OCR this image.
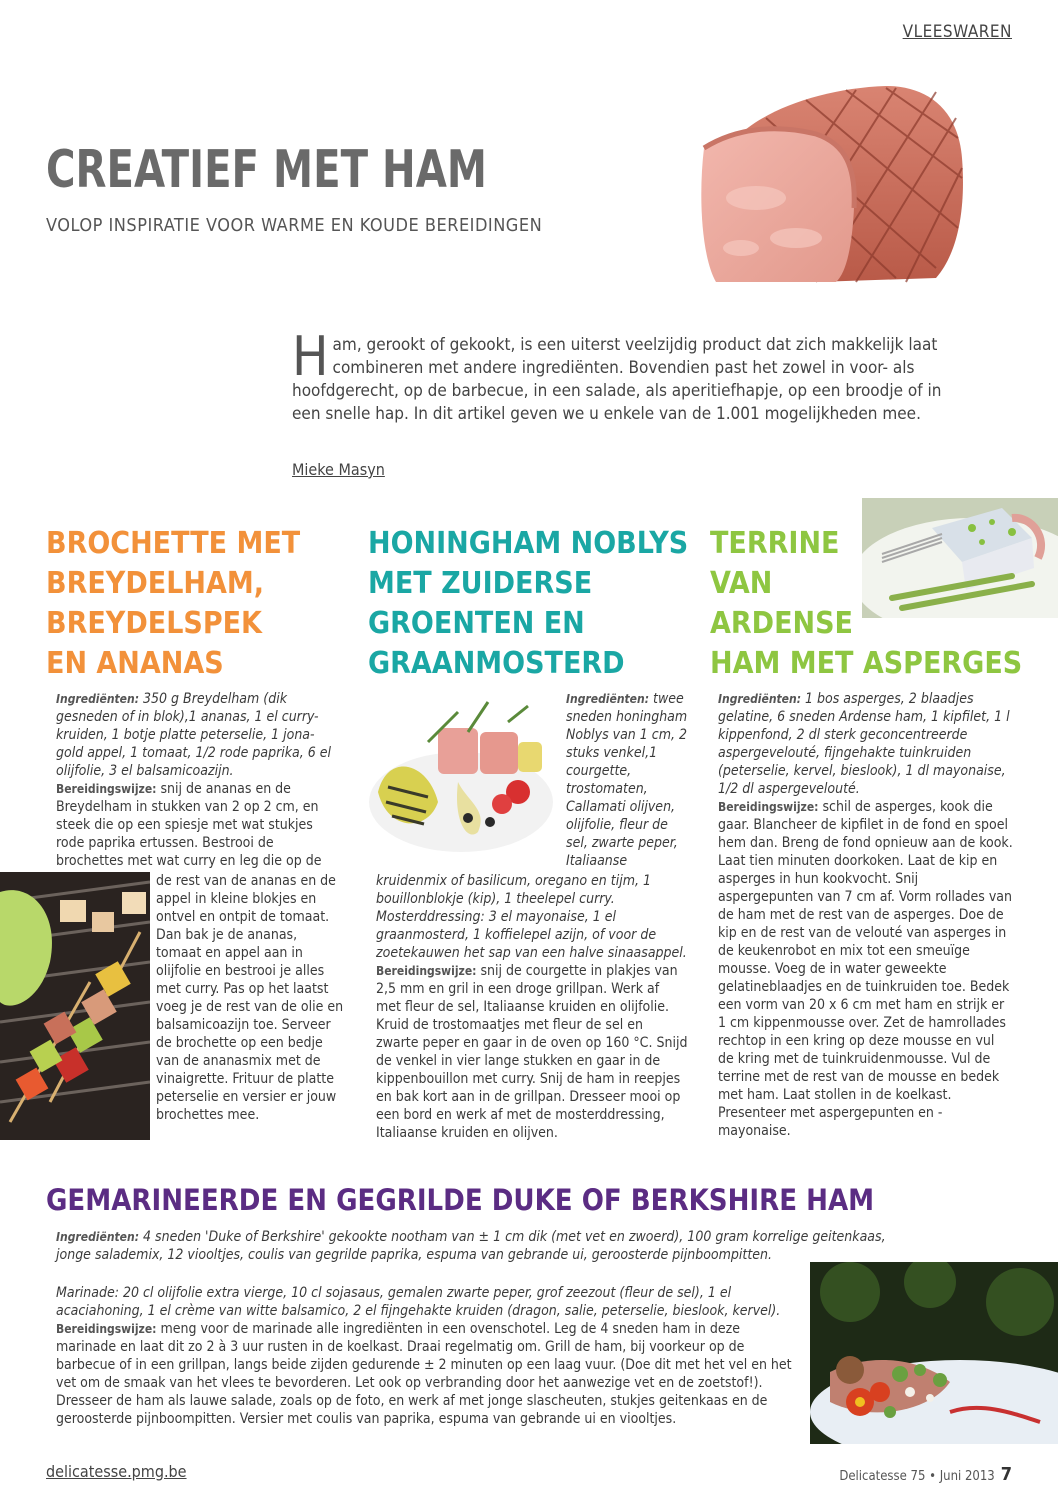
VLEESWAREN
CREATIEF MET HAM
VOLOP INSPIRATIE VOOR WARME EN KOUDE BEREIDINGEN
Ham, gerookt of gekookt, is een uiterst veelzijdig product dat zich makkelijk laat combineren met andere ingrediënten. Bovendien past het zowel in voor- als hoofdgerecht, op de barbecue, in een salade, als aperitiefhapje, op een broodje of in een snelle hap. In dit artikel geven we u enkele van de 1.001 mogelijkheden mee.
Mieke Masyn
BROCHETTE MET
BREYDELHAM,
BREYDELSPEK
EN ANANAS
Ingrediënten: 350 g Breydelham (dik gesneden of in blok),1 ananas, 1 el curry- kruiden, 1 botje platte peterselie, 1 jona- gold appel, 1 tomaat, 1/2 rode paprika, 6 el olijfolie, 3 el balsamicoazijn.
Bereidingswijze: snij de ananas en de Breydelham in stukken van 2 op 2 cm, en steek die op een spiesje met wat stukjes rode paprika ertussen. Bestrooi de brochettes met wat curry en leg die op de
de rest van de ananas en de appel in kleine blokjes en ontvel en ontpit de tomaat. Dan bak je de ananas, tomaat en appel aan in olijfolie en bestrooi je alles met curry. Pas op het laatst voeg je de rest van de olie en balsamicoazijn toe. Serveer de brochette op een bedje van de ananasmix met de vinaigrette. Frituur de platte peterselie en versier er jouw brochettes mee.
HONINGHAM NOBLYS
MET ZUIDERSE
GROENTEN EN
GRAANMOSTERD
Ingrediënten: twee sneden honingham Noblys van 1 cm, 2 stuks venkel,1 courgette, trostomaten, Callamati olijven, olijfolie, fleur de sel, zwarte peper, Italiaanse
kruidenmix of basilicum, oregano en tijm, 1 bouillonblokje (kip), 1 theelepel curry.
Mosterddressing: 3 el mayonaise, 1 el graanmosterd, 1 koffielepel azijn, of voor de zoetekauwen het sap van een halve sinaasappel.
Bereidingswijze: snij de courgette in plakjes van 2,5 mm en gril in een droge grillpan. Werk af met fleur de sel, Italiaanse kruiden en olijfolie. Kruid de trostomaatjes met fleur de sel en zwarte peper en gaar in de oven op 160 °C. Snijd de venkel in vier lange stukken en gaar in de kippenbouillon met curry. Snij de ham in reepjes en bak kort aan in de grillpan. Dresseer mooi op een bord en werk af met de mosterddressing, Italiaanse kruiden en olijven.
TERRINE
VAN
ARDENSE
HAM MET ASPERGES
Ingrediënten: 1 bos asperges, 2 blaadjes gelatine, 6 sneden Ardense ham, 1 kipfilet, 1 l kippenfond, 2 dl sterk geconcentreerde aspergevelouté, fijngehakte tuinkruiden (peterselie, kervel, bieslook), 1 dl mayonaise, 1/2 dl aspergevelouté.
Bereidingswijze: schil de asperges, kook die gaar. Blancheer de kipfilet in de fond en spoel hem dan. Breng de fond opnieuw aan de kook. Laat tien minuten doorkoken. Laat de kip en asperges in hun kookvocht. Snij aspergepunten van 7 cm af. Vorm rollades van de ham met de rest van de asperges. Doe de kip en de rest van de velouté van asperges in de keukenrobot en mix tot een smeuïge mousse. Voeg de in water geweekte gelatineblaadjes en de tuinkruiden toe. Bedek een vorm van 20 x 6 cm met ham en strijk er 1 cm kippenmousse over. Zet de hamrollades rechtop in een kring op deze mousse en vul de kring met de tuinkruidenmousse. Vul de terrine met de rest van de mousse en bedek met ham. Laat stollen in de koelkast. Presenteer met aspergepunten en -mayonaise.
GEMARINEERDE EN GEGRILDE DUKE OF BERKSHIRE HAM
Ingrediënten: 4 sneden 'Duke of Berkshire' gekookte nootham van ± 1 cm dik (met vet en zwoerd), 100 gram korrelige geitenkaas, jonge salademix, 12 viooltjes, coulis van gegrilde paprika, espuma van gebrande ui, geroosterde pijnboompitten.
Marinade: 20 cl olijfolie extra vierge, 10 cl sojasaus, gemalen zwarte peper, grof zeezout (fleur de sel), 1 el acaciahoning, 1 el crème van witte balsamico, 2 el fijngehakte kruiden (dragon, salie, peterselie, bieslook, kervel).
Bereidingswijze: meng voor de marinade alle ingrediënten in een ovenschotel. Leg de 4 sneden ham in deze marinade en laat dit zo 2 à 3 uur rusten in de koelkast. Draai regelmatig om. Grill de ham, bij voorkeur op de barbecue of in een grillpan, langs beide zijden gedurende ± 2 minuten op een laag vuur. (Doe dit met het vel en het vet om de smaak van het vlees te bevorderen. Let ook op verbranding door het aanwezige vet en de zoetstof!). Dresseer de ham als lauwe salade, zoals op de foto, en werk af met jonge slascheuten, stukjes geitenkaas en de geroosterde pijnboompitten. Versier met coulis van paprika, espuma van gebrande ui en viooltjes.
delicatesse.pmg.be	Delicatesse 75 • Juni 2013 7
